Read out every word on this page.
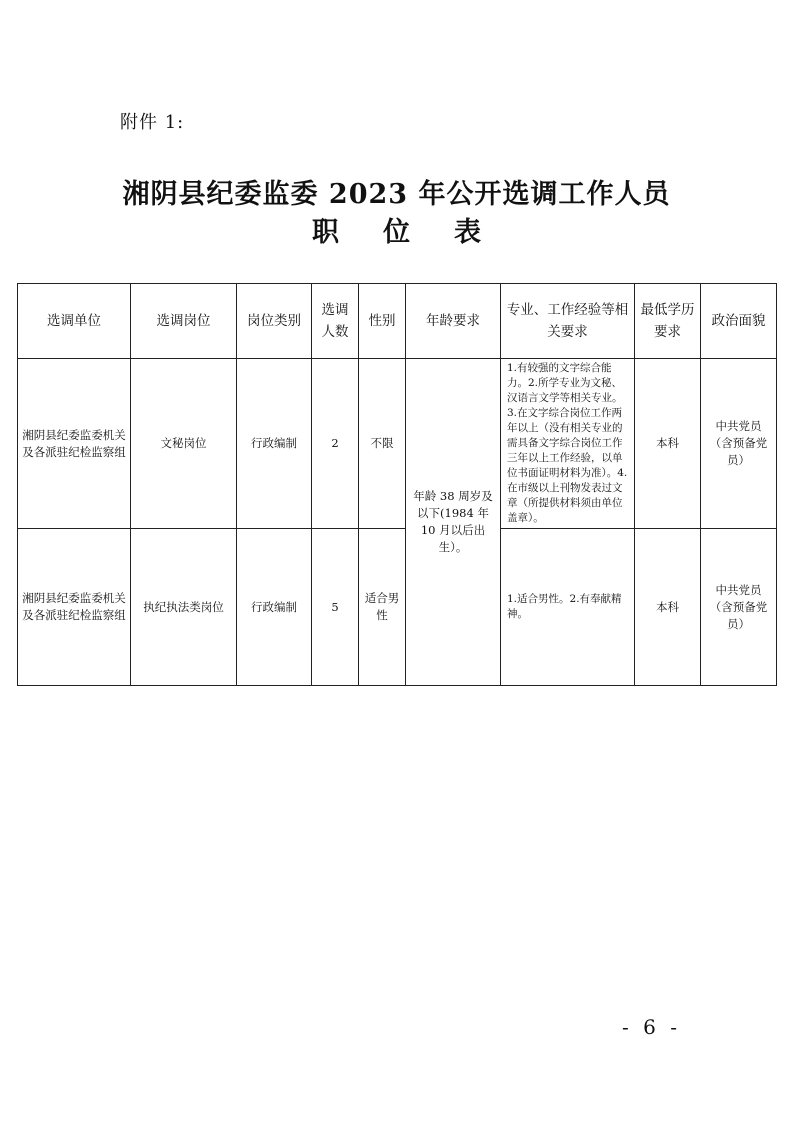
附件 1:
湘阴县纪委监委 2023 年公开选调工作人员
职 位 表
选调单位	选调岗位	岗位类别	选调人数	性别	年龄要求	专业、工作经验等相关要求	最低学历要求	政治面貌
湘阴县纪委监委机关及各派驻纪检监察组	文秘岗位	行政编制	2	不限	年龄 38 周岁及以下(1984 年 10 月以后出生）。	1.有较强的文字综合能力。2.所学专业为文秘、汉语言文学等相关专业。3.在文字综合岗位工作两年以上（没有相关专业的需具备文字综合岗位工作三年以上工作经验，以单位书面证明材料为准）。4.在市级以上刊物发表过文章（所提供材料须由单位盖章）。	本科	中共党员（含预备党员）
湘阴县纪委监委机关及各派驻纪检监察组	执纪执法类岗位	行政编制	5	适合男性		1.适合男性。2.有奉献精神。	本科	中共党员（含预备党员）
- 6 -
